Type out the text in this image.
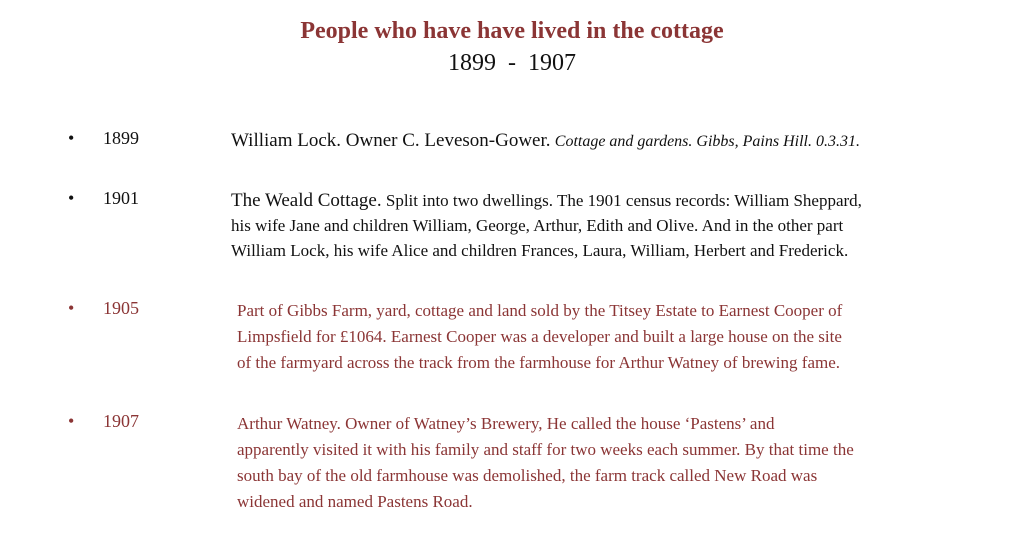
People who have have lived in the cottage
1899  -  1907
• 1899	William Lock. Owner C. Leveson-Gower. Cottage and gardens. Gibbs, Pains Hill. 0.3.31.
• 1901	The Weald Cottage. Split into two dwellings. The 1901 census records: William Sheppard,
his wife Jane and children William, George, Arthur, Edith and Olive. And in the other part
William Lock, his wife Alice and children Frances, Laura, William, Herbert and Frederick.
• 1905	Part of Gibbs Farm, yard, cottage and land sold by the Titsey Estate to Earnest Cooper of
Limpsfield for £1064. Earnest Cooper was a developer and built a large house on the site
of the farmyard across the track from the farmhouse for Arthur Watney of brewing fame.
• 1907	Arthur Watney. Owner of Watney’s Brewery, He called the house ‘Pastens’ and
apparently visited it with his family and staff for two weeks each summer. By that time the
south bay of the old farmhouse was demolished, the farm track called New Road was
widened and named Pastens Road.
